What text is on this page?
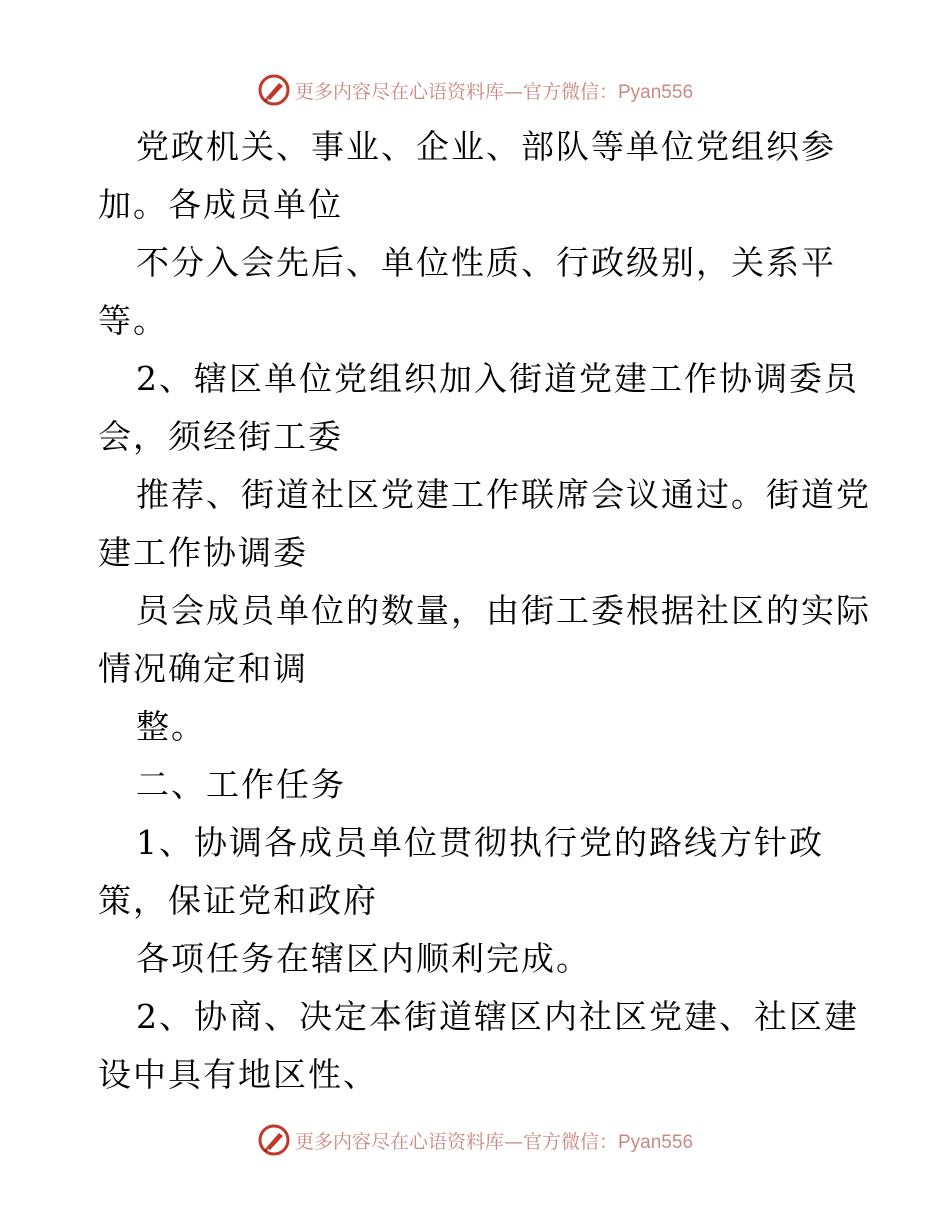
更多内容尽在心语资料库—官方微信：Pyan556
党政机关、事业、企业、部队等单位党组织参
加。各成员单位
不分入会先后、单位性质、行政级别，关系平
等。
2、辖区单位党组织加入街道党建工作协调委员
会，须经街工委
推荐、街道社区党建工作联席会议通过。街道党
建工作协调委
员会成员单位的数量，由街工委根据社区的实际
情况确定和调
整。
二、工作任务
1、协调各成员单位贯彻执行党的路线方针政
策，保证党和政府
各项任务在辖区内顺利完成。
2、协商、决定本街道辖区内社区党建、社区建
设中具有地区性、
更多内容尽在心语资料库—官方微信：Pyan556
